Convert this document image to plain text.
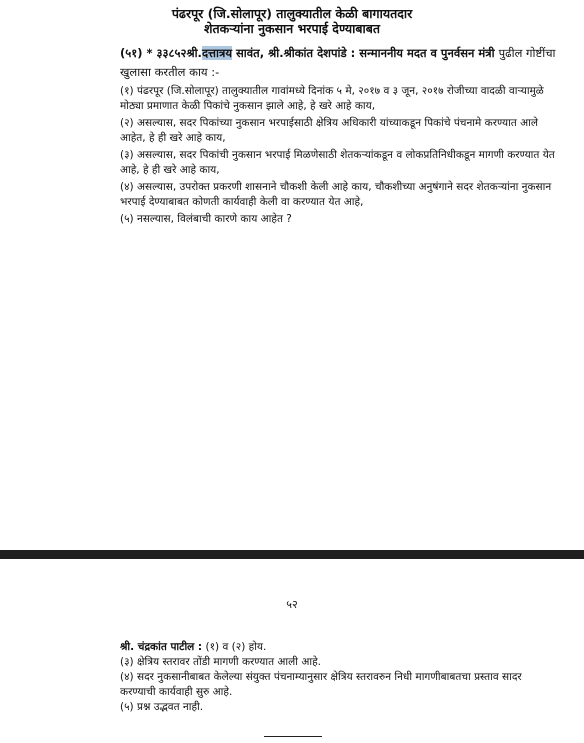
पंढरपूर (जि.सोलापूर) तालुक्यातील केळी बागायतदार
शेतकऱ्यांना नुकसान भरपाई देण्याबाबत
(५१) * ३३८५२श्री.दत्तात्रय सावंत, श्री.श्रीकांत देशपांडे : सन्माननीय मदत व पुनर्वसन मंत्री पुढील गोष्टींचा खुलासा करतील काय :-

(१) पंढरपूर (जि.सोलापूर) तालुक्यातील गावांमध्ये दिनांक ५ मे, २०१७ व ३ जून, २०१७ रोजीच्या वादळी वाऱ्यामुळे मोठ्या प्रमाणात केळी पिकांचे नुकसान झाले आहे, हे खरे आहे काय,

(२) असल्यास, सदर पिकांच्या नुकसान भरपाईसाठी क्षेत्रिय अधिकारी यांच्याकडून पिकांचे पंचनामे करण्यात आले आहेत, हे ही खरे आहे काय,

(३) असल्यास, सदर पिकांची नुकसान भरपाई मिळणेसाठी शेतकऱ्यांकडून व लोकप्रतिनिधीकडून मागणी करण्यात येत आहे, हे ही खरे आहे काय,

(४) असल्यास, उपरोक्त प्रकरणी शासनाने चौकशी केली आहे काय, चौकशीच्या अनुषंगाने सदर शेतकऱ्यांना नुकसान भरपाई देण्याबाबत कोणती कार्यवाही केली वा करण्यात येत आहे,

(५) नसल्यास, विलंबाची कारणे काय आहेत ?

५२

श्री. चंद्रकांत पाटील : (१) व (२) होय.

(३) क्षेत्रिय स्तरावर तोंडी मागणी करण्यात आली आहे.

(४) सदर नुकसानीबाबत केलेल्या संयुक्त पंचनाम्यानुसार क्षेत्रिय स्तरावरुन निधी मागणीबाबतचा प्रस्ताव सादर करण्याची कार्यवाही सुरु आहे.

(५) प्रश्न उद्भवत नाही.
